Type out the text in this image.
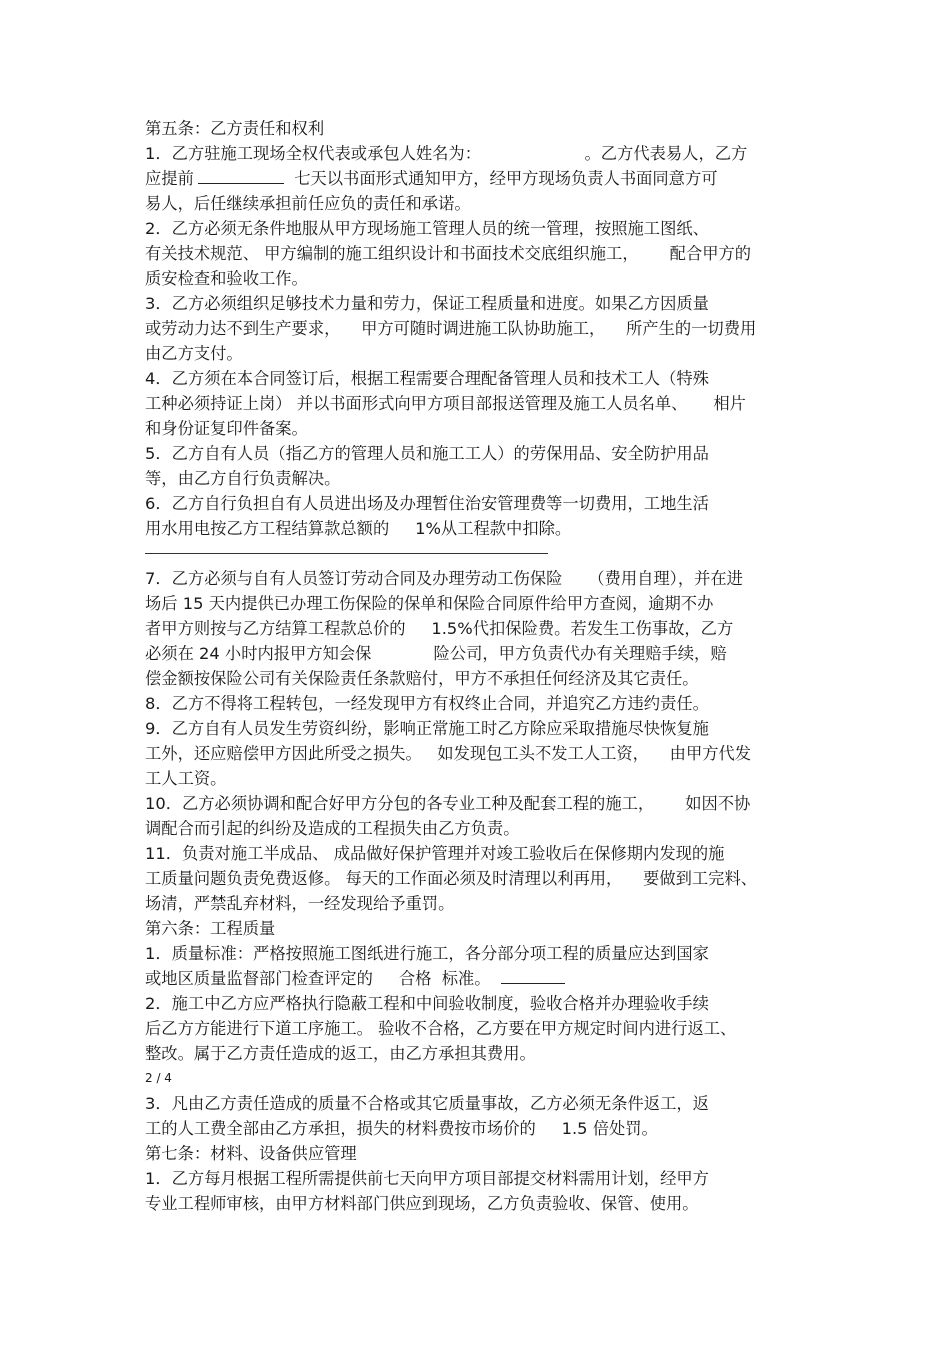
第五条：乙方责任和权利
1．乙方驻施工现场全权代表或承包人姓名为：                    。乙方代表易人，乙方
应提前	七天以书面形式通知甲方，经甲方现场负责人书面同意方可
易人，后任继续承担前任应负的责任和承诺。
2．乙方必须无条件地服从甲方现场施工管理人员的统一管理，按照施工图纸、
有关技术规范、 甲方编制的施工组织设计和书面技术交底组织施工，      配合甲方的
质安检查和验收工作。
3．乙方必须组织足够技术力量和劳力，保证工程质量和进度。如果乙方因质量
或劳动力达不到生产要求，    甲方可随时调进施工队协助施工，    所产生的一切费用
由乙方支付。
4．乙方须在本合同签订后，根据工程需要合理配备管理人员和技术工人（特殊
工种必须持证上岗） 并以书面形式向甲方项目部报送管理及施工人员名单、     相片
和身份证复印件备案。
5．乙方自有人员（指乙方的管理人员和施工工人）的劳保用品、安全防护用品
等，由乙方自行负责解决。
6．乙方自行负担自有人员进出场及办理暂住治安管理费等一切费用，工地生活
用水用电按乙方工程结算款总额的     1%从工程款中扣除。
7．乙方必须与自有人员签订劳动合同及办理劳动工伤保险     （费用自理），并在进
场后 15 天内提供已办理工伤保险的保单和保险合同原件给甲方查阅，逾期不办
者甲方则按与乙方结算工程款总价的     1.5%代扣保险费。若发生工伤事故，乙方
必须在 24 小时内报甲方知会保            险公司，甲方负责代办有关理赔手续，赔
偿金额按保险公司有关保险责任条款赔付，甲方不承担任何经济及其它责任。
8．乙方不得将工程转包，一经发现甲方有权终止合同，并追究乙方违约责任。
9．乙方自有人员发生劳资纠纷，影响正常施工时乙方除应采取措施尽快恢复施
工外，还应赔偿甲方因此所受之损失。   如发现包工头不发工人工资，    由甲方代发
工人工资。
10．乙方必须协调和配合好甲方分包的各专业工种及配套工程的施工，      如因不协
调配合而引起的纠纷及造成的工程损失由乙方负责。
11．负责对施工半成品、 成品做好保护管理并对竣工验收后在保修期内发现的施
工质量问题负责免费返修。 每天的工作面必须及时清理以利再用，    要做到工完料、
场清，严禁乱弃材料，一经发现给予重罚。
第六条：工程质量
1．质量标准：严格按照施工图纸进行施工，各分部分项工程的质量应达到国家
或地区质量监督部门检查评定的     合格  标准。
2．施工中乙方应严格执行隐蔽工程和中间验收制度，验收合格并办理验收手续
后乙方方能进行下道工序施工。 验收不合格，乙方要在甲方规定时间内进行返工、
整改。属于乙方责任造成的返工，由乙方承担其费用。
2 / 4
3．凡由乙方责任造成的质量不合格或其它质量事故，乙方必须无条件返工，返
工的人工费全部由乙方承担，损失的材料费按市场价的     1.5 倍处罚。
第七条：材料、设备供应管理
1．乙方每月根据工程所需提供前七天向甲方项目部提交材料需用计划，经甲方
专业工程师审核，由甲方材料部门供应到现场，乙方负责验收、保管、使用。
